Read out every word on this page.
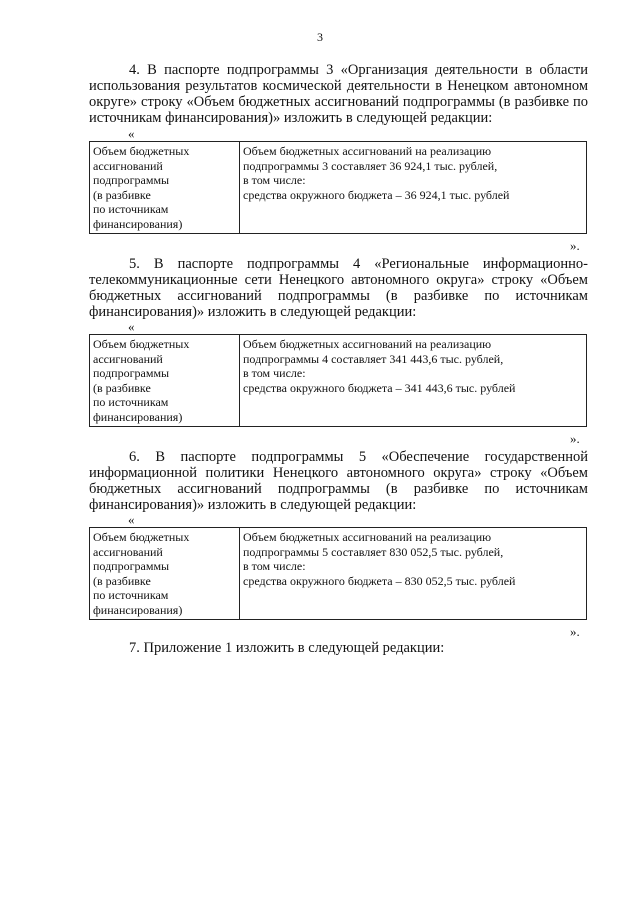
3

4. В паспорте подпрограммы 3 «Организация деятельности в области
использования результатов космической деятельности в Ненецком автономном округе» строку «Объем бюджетных ассигнований подпрограммы (в разбивке по источникам финансирования)» изложить в следующей редакции:

«
Объем бюджетных
ассигнований
подпрограммы
(в разбивке
по источникам
финансирования)

Объем бюджетных ассигнований на реализацию
подпрограммы 3 составляет 36 924,1 тыс. рублей,
в том числе:
средства окружного бюджета – 36 924,1 тыс. рублей
».

5. В паспорте подпрограммы 4 «Региональные информационно-
телекоммуникационные сети Ненецкого автономного округа» строку «Объем бюджетных ассигнований подпрограммы (в разбивке по источникам финансирования)» изложить в следующей редакции:

«
Объем бюджетных
ассигнований
подпрограммы
(в разбивке
по источникам
финансирования)

Объем бюджетных ассигнований на реализацию
подпрограммы 4 составляет 341 443,6 тыс. рублей,
в том числе:
средства окружного бюджета – 341 443,6 тыс. рублей
».

6. В паспорте подпрограммы 5 «Обеспечение государственной
информационной политики Ненецкого автономного округа» строку «Объем бюджетных ассигнований подпрограммы (в разбивке по источникам финансирования)» изложить в следующей редакции:

«
Объем бюджетных
ассигнований
подпрограммы
(в разбивке
по источникам
финансирования)

Объем бюджетных ассигнований на реализацию
подпрограммы 5 составляет 830 052,5 тыс. рублей,
в том числе:
средства окружного бюджета – 830 052,5 тыс. рублей
».

7. Приложение 1 изложить в следующей редакции:
